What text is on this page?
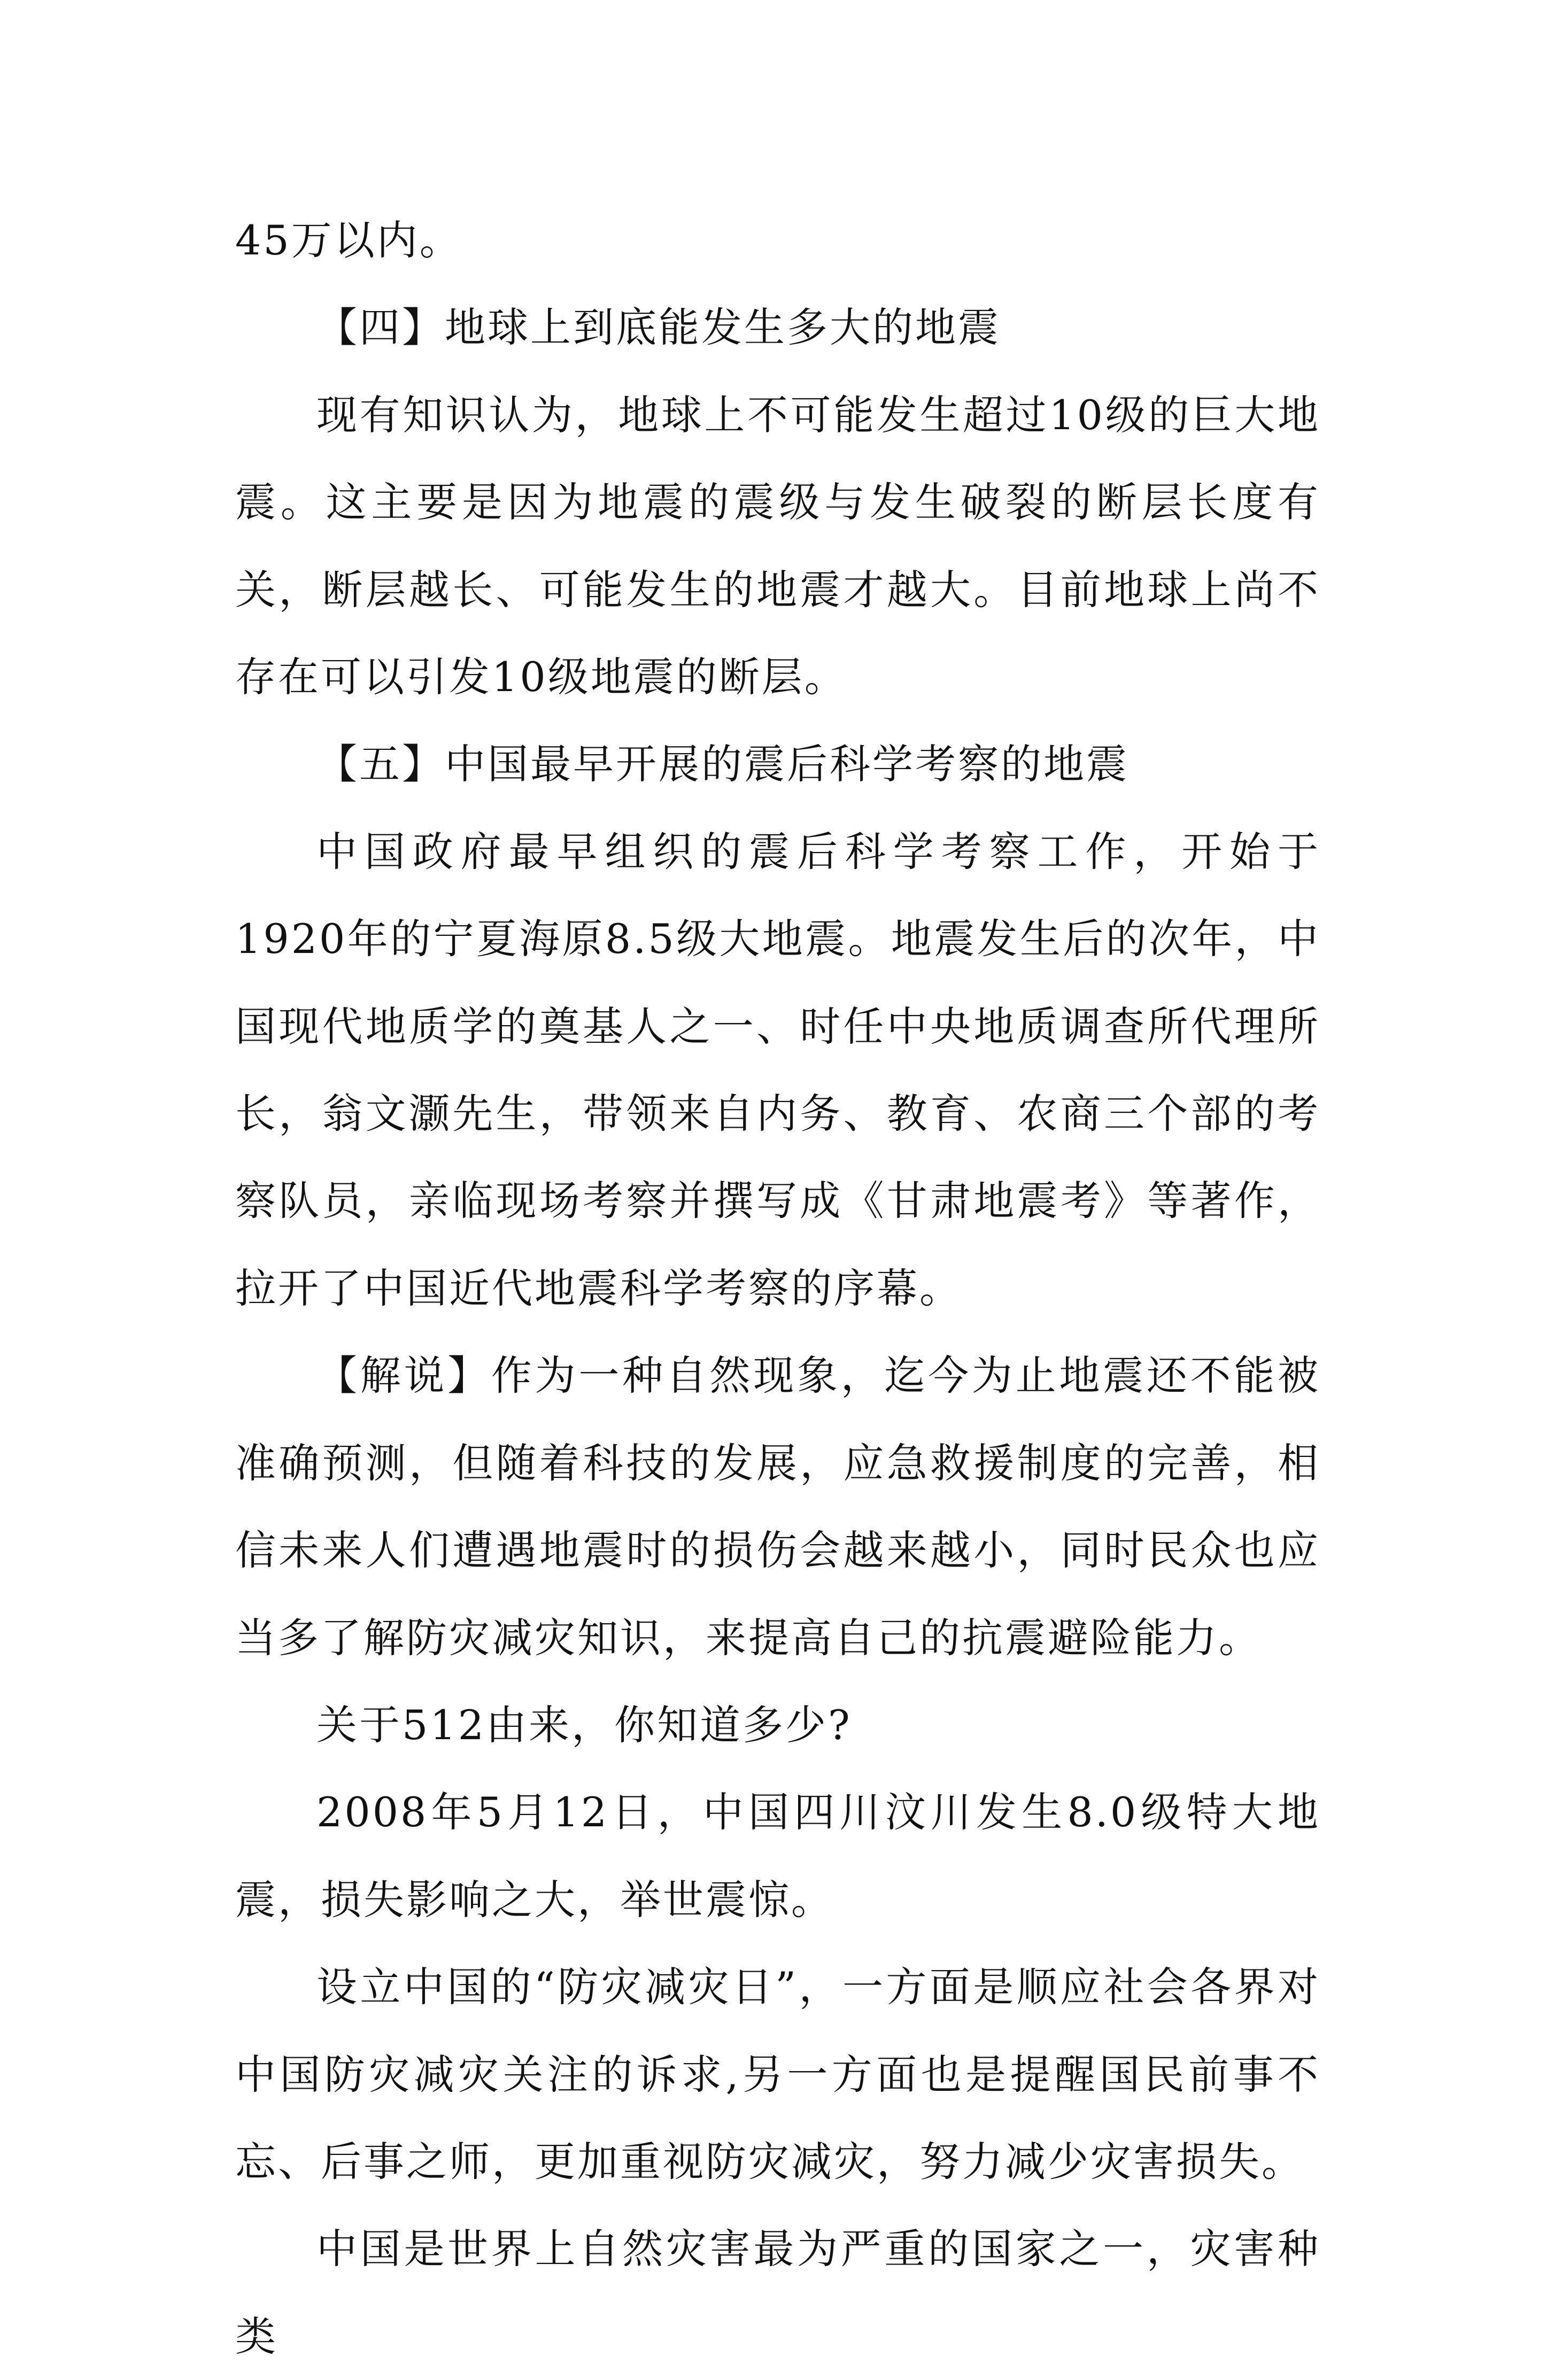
45万以内。

【四】地球上到底能发生多大的地震

现有知识认为，地球上不可能发生超过10级的巨大地震。这主要是因为地震的震级与发生破裂的断层长度有关，断层越长、可能发生的地震才越大。目前地球上尚不存在可以引发10级地震的断层。

【五】中国最早开展的震后科学考察的地震

中国政府最早组织的震后科学考察工作，开始于1920年的宁夏海原8.5级大地震。地震发生后的次年，中国现代地质学的奠基人之一、时任中央地质调查所代理所长，翁文灏先生，带领来自内务、教育、农商三个部的考察队员，亲临现场考察并撰写成《甘肃地震考》等著作，拉开了中国近代地震科学考察的序幕。

【解说】作为一种自然现象，迄今为止地震还不能被准确预测，但随着科技的发展，应急救援制度的完善，相信未来人们遭遇地震时的损伤会越来越小，同时民众也应当多了解防灾减灾知识，来提高自己的抗震避险能力。

关于512由来，你知道多少?

2008年5月12日，中国四川汶川发生8.0级特大地震，损失影响之大，举世震惊。

设立中国的“防灾减灾日”，一方面是顺应社会各界对中国防灾减灾关注的诉求,另一方面也是提醒国民前事不忘、后事之师，更加重视防灾减灾，努力减少灾害损失。

中国是世界上自然灾害最为严重的国家之一，灾害种类
